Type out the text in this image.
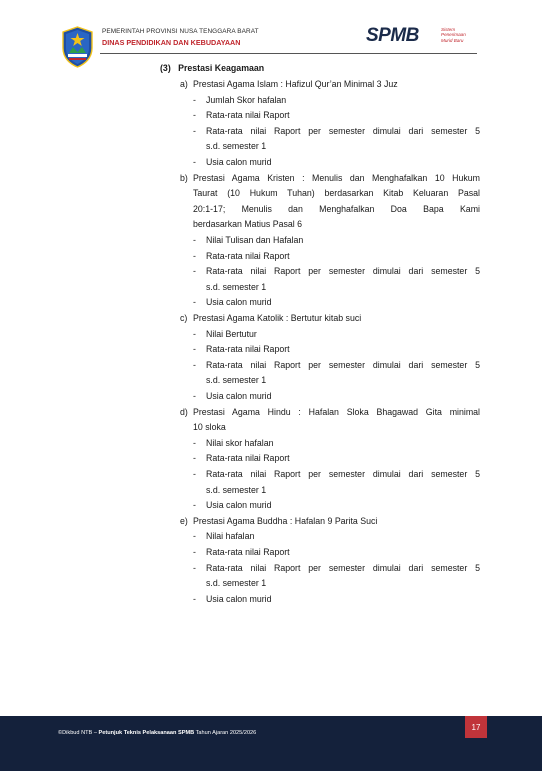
PEMERINTAH PROVINSI NUSA TENGGARA BARAT
DINAS PENDIDIKAN DAN KEBUDAYAAN	SPMB	Sistem
Penerimaan
Murid Baru
(3) Prestasi Keagamaan
a) Prestasi Agama Islam : Hafizul Qur’an Minimal 3 Juz
- Jumlah Skor hafalan
- Rata-rata nilai Raport
- Rata-rata nilai Raport per semester dimulai dari semester 5
s.d. semester 1
- Usia calon murid
b) Prestasi Agama Kristen : Menulis dan Menghafalkan 10 Hukum
Taurat (10 Hukum Tuhan) berdasarkan Kitab Keluaran Pasal
20:1-17; Menulis dan Menghafalkan Doa Bapa Kami
berdasarkan Matius Pasal 6
- Nilai Tulisan dan Hafalan
- Rata-rata nilai Raport
- Rata-rata nilai Raport per semester dimulai dari semester 5
s.d. semester 1
- Usia calon murid
c) Prestasi Agama Katolik : Bertutur kitab suci
- Nilai Bertutur
- Rata-rata nilai Raport
- Rata-rata nilai Raport per semester dimulai dari semester 5
s.d. semester 1
- Usia calon murid
d) Prestasi Agama Hindu : Hafalan Sloka Bhagawad Gita minimal
10 sloka
- Nilai skor hafalan
- Rata-rata nilai Raport
- Rata-rata nilai Raport per semester dimulai dari semester 5
s.d. semester 1
- Usia calon murid
e) Prestasi Agama Buddha : Hafalan 9 Parita Suci
- Nilai hafalan
- Rata-rata nilai Raport
- Rata-rata nilai Raport per semester dimulai dari semester 5
s.d. semester 1
- Usia calon murid
©Dikbud NTB – Petunjuk Teknis Pelaksanaan SPMB Tahun Ajaran 2025/2026
17
